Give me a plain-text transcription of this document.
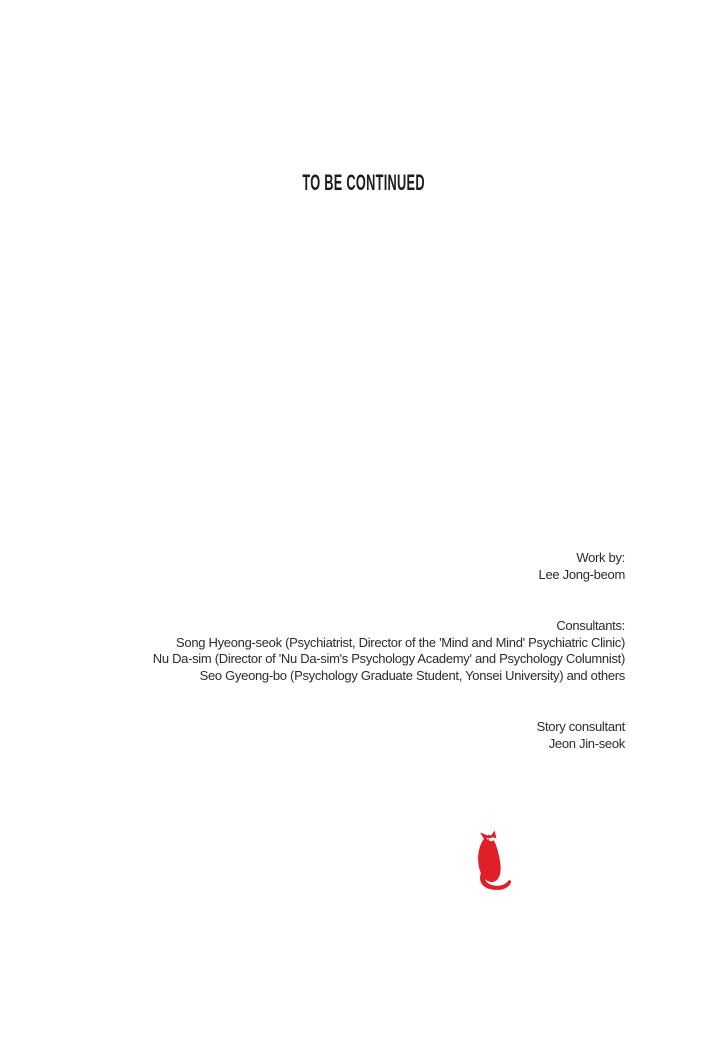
TO BE CONTINUED
Work by:
Lee Jong-beom
Consultants:
Song Hyeong-seok (Psychiatrist, Director of the 'Mind and Mind' Psychiatric Clinic)
Nu Da-sim (Director of 'Nu Da-sim's Psychology Academy' and Psychology Columnist)
Seo Gyeong-bo (Psychology Graduate Student, Yonsei University) and others
Story consultant
Jeon Jin-seok
